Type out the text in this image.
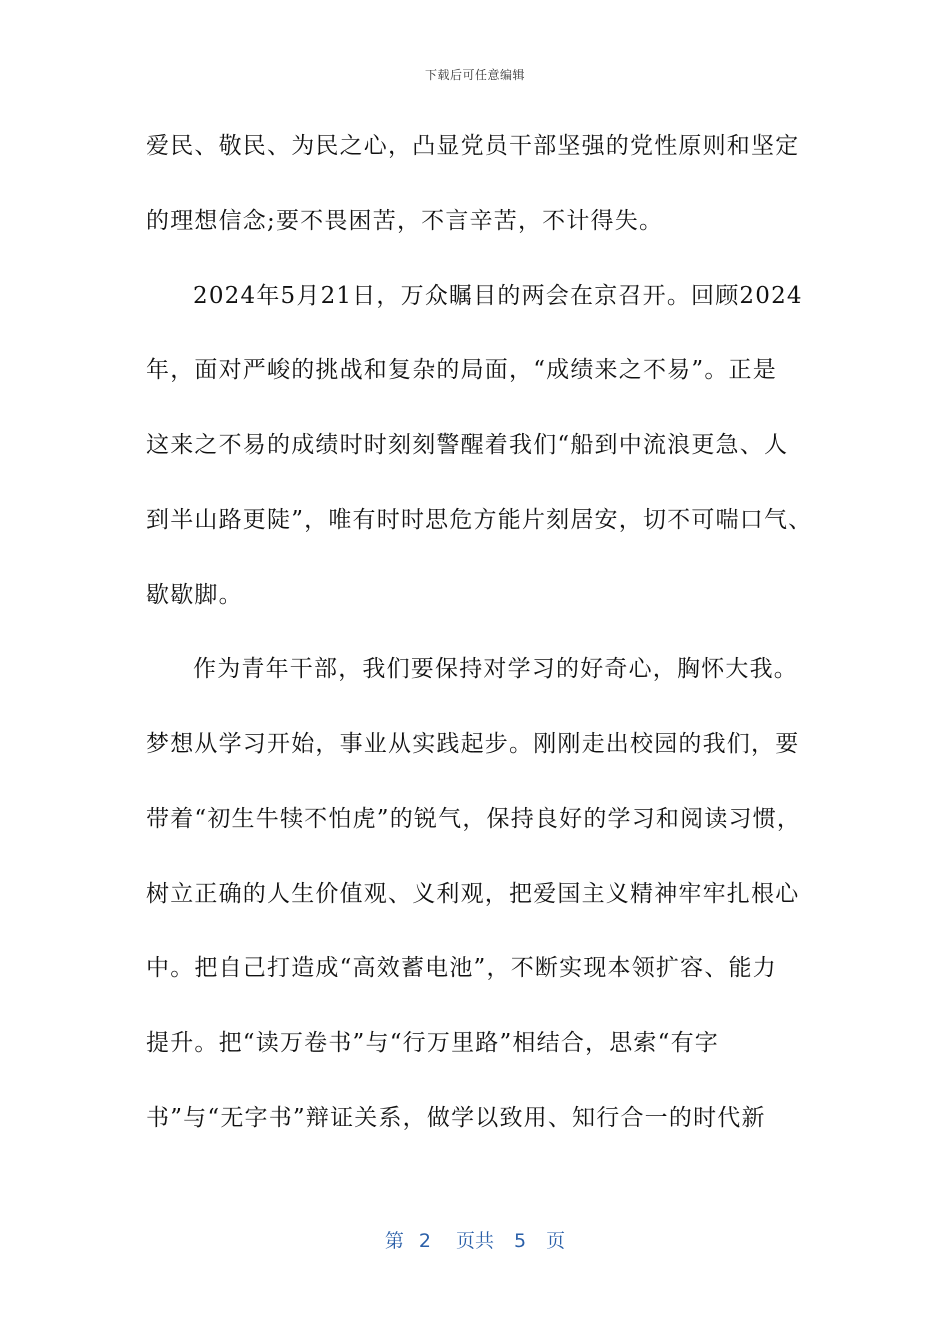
下载后可任意编辑
爱民、敬民、为民之心，凸显党员干部坚强的党性原则和坚定
的理想信念;要不畏困苦，不言辛苦，不计得失。
2024年5月21日，万众瞩目的两会在京召开。回顾2024
年，面对严峻的挑战和复杂的局面，“成绩来之不易”。正是
这来之不易的成绩时时刻刻警醒着我们“船到中流浪更急、人
到半山路更陡”，唯有时时思危方能片刻居安，切不可喘口气、
歇歇脚。
作为青年干部，我们要保持对学习的好奇心，胸怀大我。
梦想从学习开始，事业从实践起步。刚刚走出校园的我们，要
带着“初生牛犊不怕虎”的锐气，保持良好的学习和阅读习惯，
树立正确的人生价值观、义利观，把爱国主义精神牢牢扎根心
中。把自己打造成“高效蓄电池”，不断实现本领扩容、能力
提升。把“读万卷书”与“行万里路”相结合，思索“有字
书”与“无字书”辩证关系，做学以致用、知行合一的时代新
第 2 页共 5 页
